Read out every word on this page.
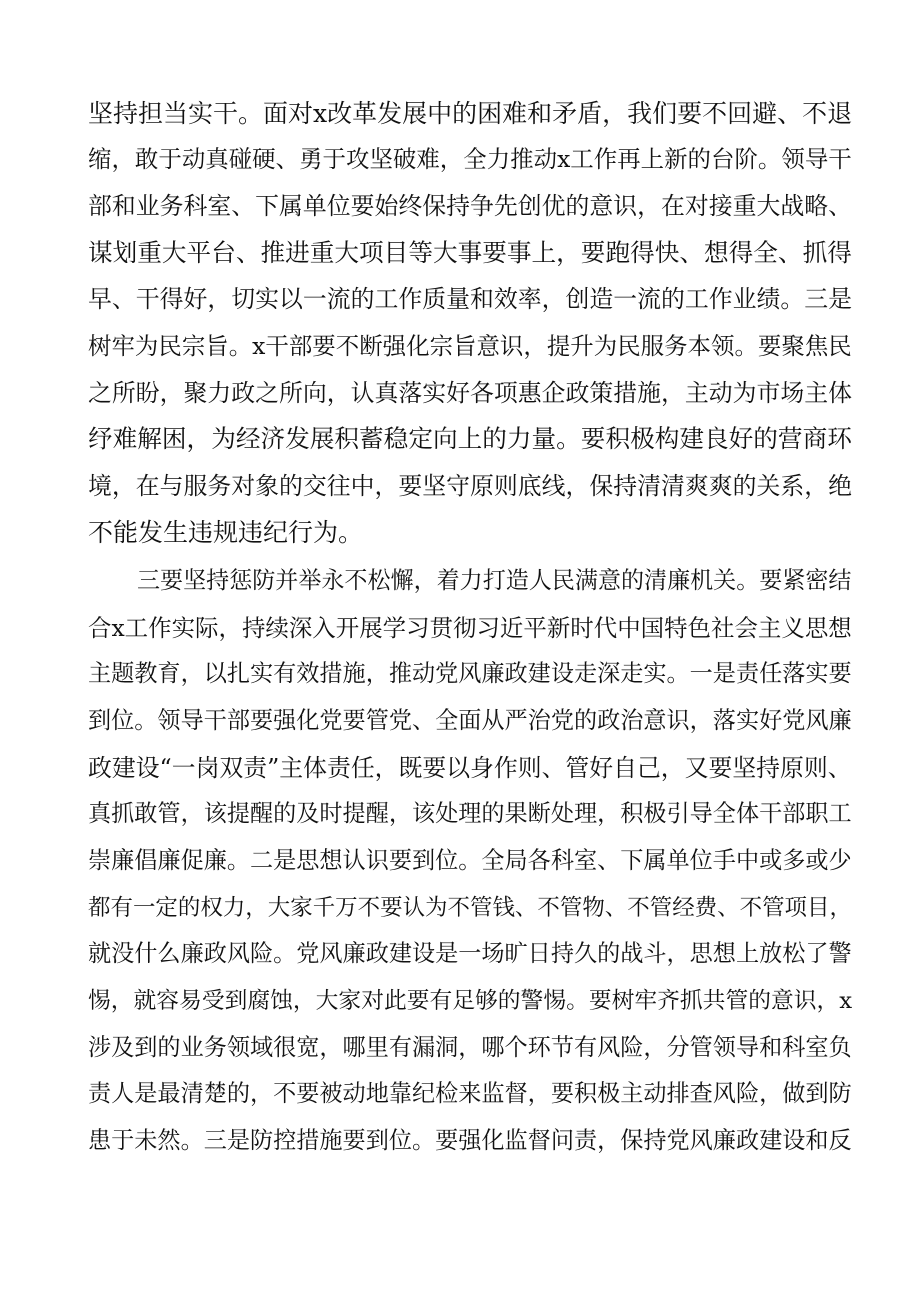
坚持担当实干。面对x改革发展中的困难和矛盾，我们要不回避、不退
缩，敢于动真碰硬、勇于攻坚破难，全力推动x工作再上新的台阶。领导干
部和业务科室、下属单位要始终保持争先创优的意识，在对接重大战略、
谋划重大平台、推进重大项目等大事要事上，要跑得快、想得全、抓得
早、干得好，切实以一流的工作质量和效率，创造一流的工作业绩。三是
树牢为民宗旨。x干部要不断强化宗旨意识，提升为民服务本领。要聚焦民
之所盼，聚力政之所向，认真落实好各项惠企政策措施，主动为市场主体
纾难解困，为经济发展积蓄稳定向上的力量。要积极构建良好的营商环
境，在与服务对象的交往中，要坚守原则底线，保持清清爽爽的关系，绝
不能发生违规违纪行为。
三要坚持惩防并举永不松懈，着力打造人民满意的清廉机关。要紧密结
合x工作实际，持续深入开展学习贯彻习近平新时代中国特色社会主义思想
主题教育，以扎实有效措施，推动党风廉政建设走深走实。一是责任落实要
到位。领导干部要强化党要管党、全面从严治党的政治意识，落实好党风廉
政建设“一岗双责”主体责任，既要以身作则、管好自己，又要坚持原则、
真抓敢管，该提醒的及时提醒，该处理的果断处理，积极引导全体干部职工
崇廉倡廉促廉。二是思想认识要到位。全局各科室、下属单位手中或多或少
都有一定的权力，大家千万不要认为不管钱、不管物、不管经费、不管项目，
就没什么廉政风险。党风廉政建设是一场旷日持久的战斗，思想上放松了警
惕，就容易受到腐蚀，大家对此要有足够的警惕。要树牢齐抓共管的意识，x
涉及到的业务领域很宽，哪里有漏洞，哪个环节有风险，分管领导和科室负
责人是最清楚的，不要被动地靠纪检来监督，要积极主动排查风险，做到防
患于未然。三是防控措施要到位。要强化监督问责，保持党风廉政建设和反
